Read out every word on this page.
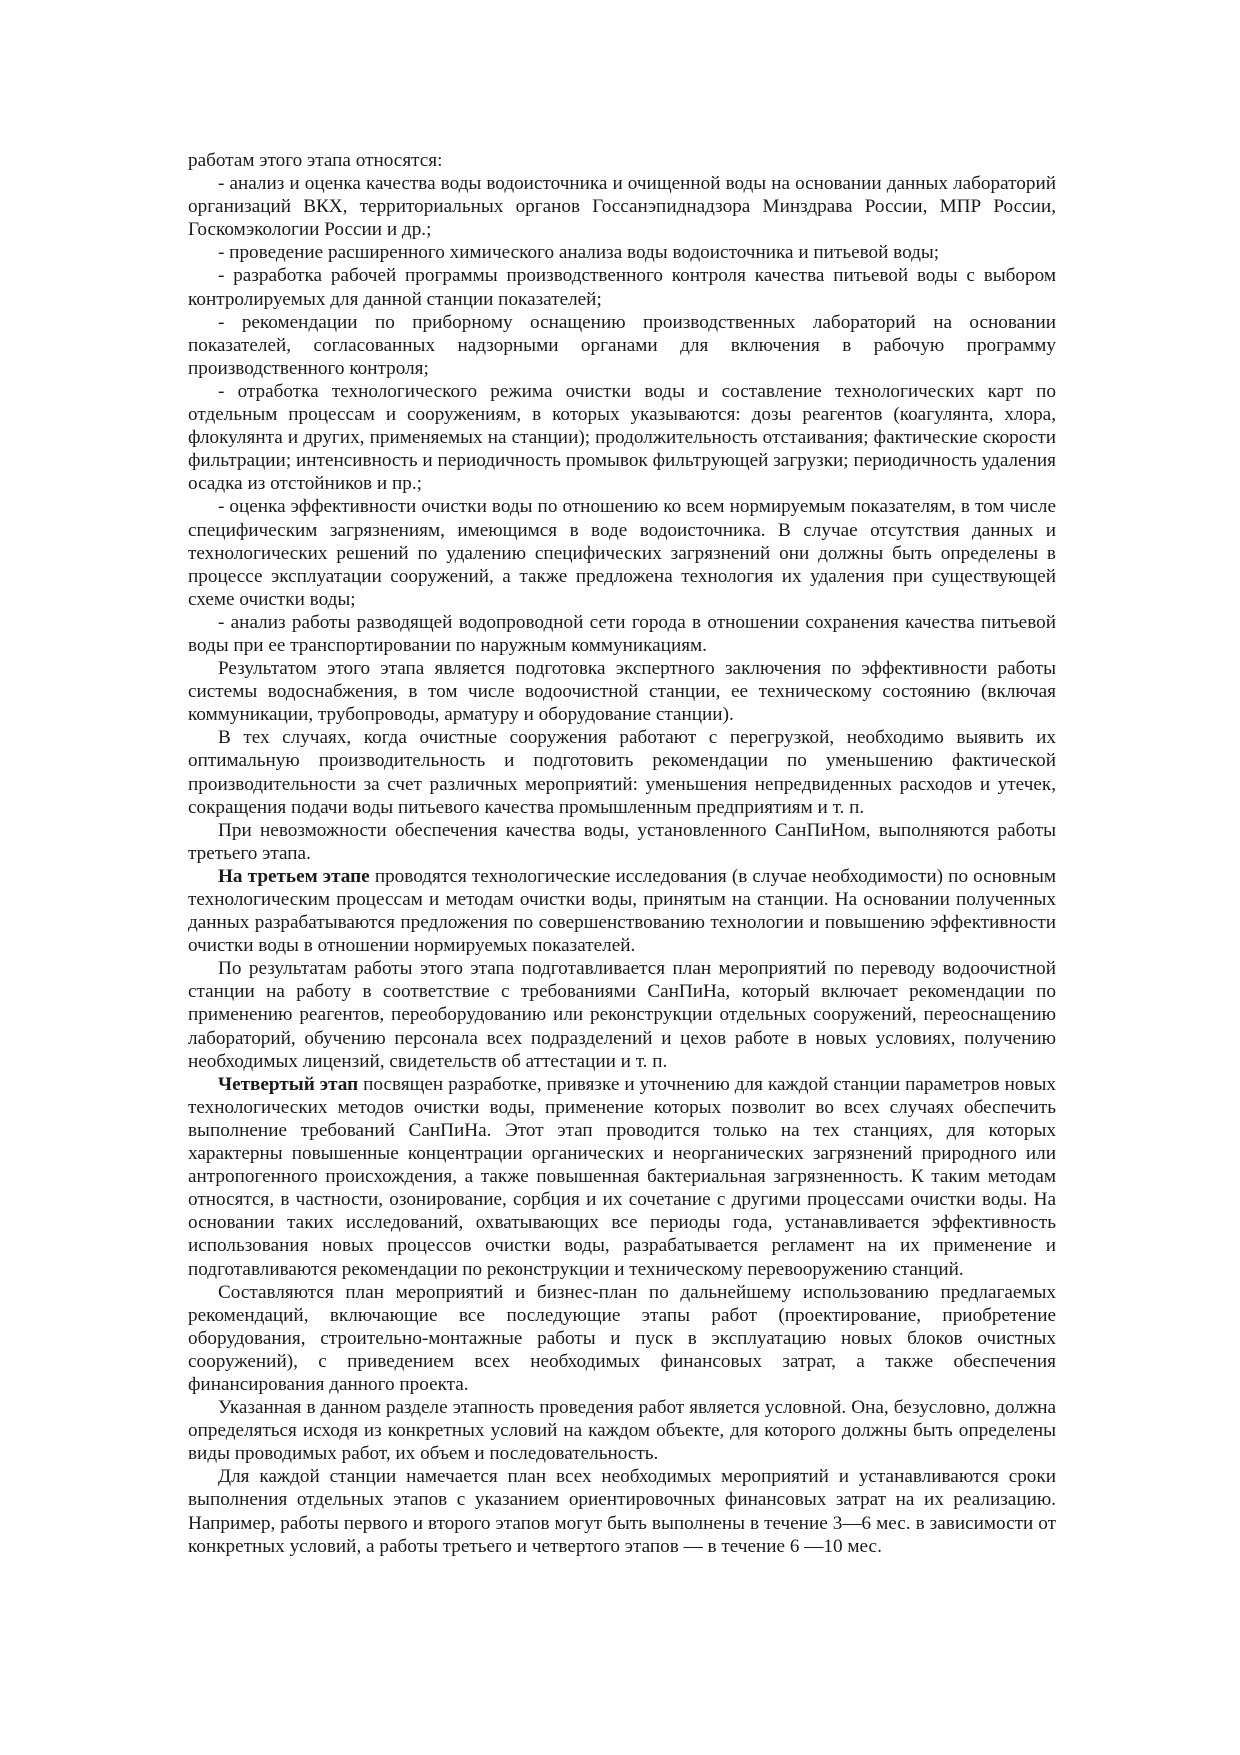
работам этого этапа относятся:

- анализ и оценка качества воды водоисточника и очищенной воды на основании данных лабораторий организаций ВКХ, территориальных органов Госсанэпиднадзора Минздрава России, МПР России, Госкомэкологии России и др.;

- проведение расширенного химического анализа воды водоисточника и питьевой воды;

- разработка рабочей программы производственного контроля качества питьевой воды с выбором контролируемых для данной станции показателей;

- рекомендации по приборному оснащению производственных лабораторий на основании показателей, согласованных надзорными органами для включения в рабочую программу производственного контроля;

- отработка технологического режима очистки воды и составление технологических карт по отдельным процессам и сооружениям, в которых указываются: дозы реагентов (коагулянта, хлора, флокулянта и других, применяемых на станции); продолжительность отстаивания; фактические скорости фильтрации; интенсивность и периодичность промывок фильтрующей загрузки; периодичность удаления осадка из отстойников и пр.;

- оценка эффективности очистки воды по отношению ко всем нормируемым показателям, в том числе специфическим загрязнениям, имеющимся в воде водоисточника. В случае отсутствия данных и технологических решений по удалению специфических загрязнений они должны быть определены в процессе эксплуатации сооружений, а также предложена технология их удаления при существующей схеме очистки воды;

- анализ работы разводящей водопроводной сети города в отношении сохранения качества питьевой воды при ее транспортировании по наружным коммуникациям.

Результатом этого этапа является подготовка экспертного заключения по эффективности работы системы водоснабжения, в том числе водоочистной станции, ее техническому состоянию (включая коммуникации, трубопроводы, арматуру и оборудование станции).

В тех случаях, когда очистные сооружения работают с перегрузкой, необходимо выявить их оптимальную производительность и подготовить рекомендации по уменьшению фактической производительности за счет различных мероприятий: уменьшения непредвиденных расходов и утечек, сокращения подачи воды питьевого качества промышленным предприятиям и т. п.

При невозможности обеспечения качества воды, установленного СанПиНом, выполняются работы третьего этапа.

На третьем этапе проводятся технологические исследования (в случае необходимости) по основным технологическим процессам и методам очистки воды, принятым на станции. На основании полученных данных разрабатываются предложения по совершенствованию технологии и повышению эффективности очистки воды в отношении нормируемых показателей.

По результатам работы этого этапа подготавливается план мероприятий по переводу водоочистной станции на работу в соответствие с требованиями СанПиНа, который включает рекомендации по применению реагентов, переоборудованию или реконструкции отдельных сооружений, переоснащению лабораторий, обучению персонала всех подразделений и цехов работе в новых условиях, получению необходимых лицензий, свидетельств об аттестации и т. п.

Четвертый этап посвящен разработке, привязке и уточнению для каждой станции параметров новых технологических методов очистки воды, применение которых позволит во всех случаях обеспечить выполнение требований СанПиНа. Этот этап проводится только на тех станциях, для которых характерны повышенные концентрации органических и неорганических загрязнений природного или антропогенного происхождения, а также повышенная бактериальная загрязненность. К таким методам относятся, в частности, озонирование, сорбция и их сочетание с другими процессами очистки воды. На основании таких исследований, охватывающих все периоды года, устанавливается эффективность использования новых процессов очистки воды, разрабатывается регламент на их применение и подготавливаются рекомендации по реконструкции и техническому перевооружению станций.

Составляются план мероприятий и бизнес-план по дальнейшему использованию предлагаемых рекомендаций, включающие все последующие этапы работ (проектирование, приобретение оборудования, строительно-монтажные работы и пуск в эксплуатацию новых блоков очистных сооружений), с приведением всех необходимых финансовых затрат, а также обеспечения финансирования данного проекта.

Указанная в данном разделе этапность проведения работ является условной. Она, безусловно, должна определяться исходя из конкретных условий на каждом объекте, для которого должны быть определены виды проводимых работ, их объем и последовательность.

Для каждой станции намечается план всех необходимых мероприятий и устанавливаются сроки выполнения отдельных этапов с указанием ориентировочных финансовых затрат на их реализацию. Например, работы первого и второго этапов могут быть выполнены в течение 3—6 мес. в зависимости от конкретных условий, а работы третьего и четвертого этапов — в течение 6 —10 мес.
